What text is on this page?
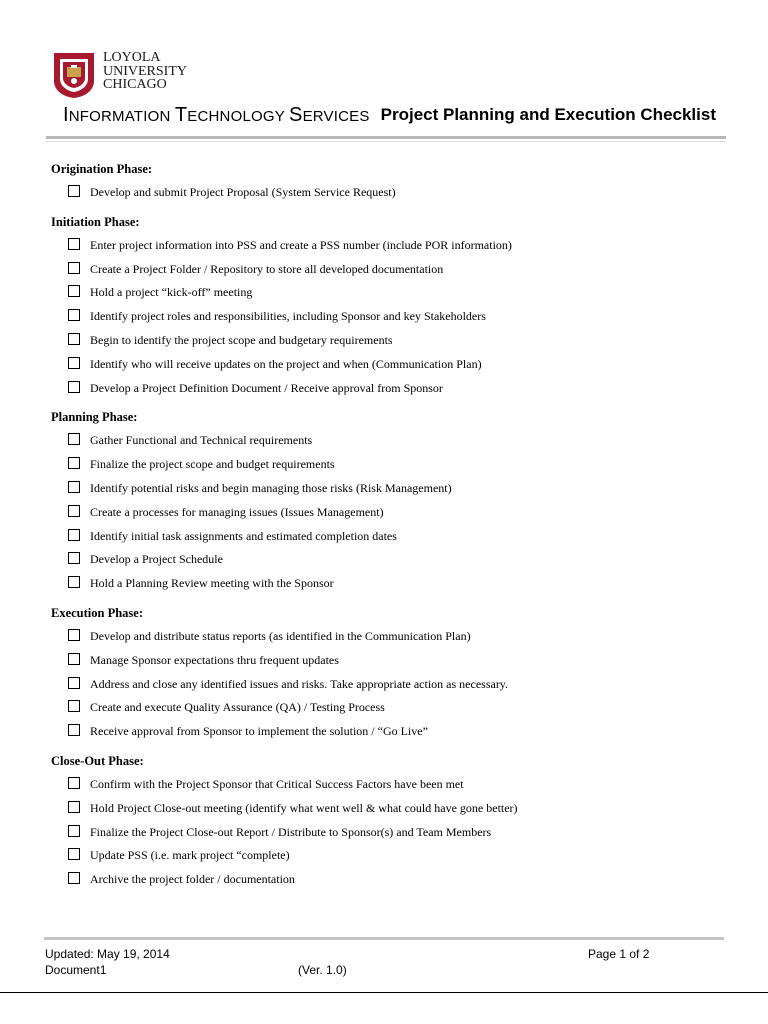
LOYOLA
UNIVERSITY
CHICAGO
INFORMATION TECHNOLOGY SERVICES Project Planning and Execution Checklist
Origination Phase:
Develop and submit Project Proposal (System Service Request)
Initiation Phase:
Enter project information into PSS and create a PSS number (include POR information)
Create a Project Folder / Repository to store all developed documentation
Hold a project “kick-off” meeting
Identify project roles and responsibilities, including Sponsor and key Stakeholders
Begin to identify the project scope and budgetary requirements
Identify who will receive updates on the project and when (Communication Plan)
Develop a Project Definition Document / Receive approval from Sponsor
Planning Phase:
Gather Functional and Technical requirements
Finalize the project scope and budget requirements
Identify potential risks and begin managing those risks (Risk Management)
Create a processes for managing issues (Issues Management)
Identify initial task assignments and estimated completion dates
Develop a Project Schedule
Hold a Planning Review meeting with the Sponsor
Execution Phase:
Develop and distribute status reports (as identified in the Communication Plan)
Manage Sponsor expectations thru frequent updates
Address and close any identified issues and risks. Take appropriate action as necessary.
Create and execute Quality Assurance (QA) / Testing Process
Receive approval from Sponsor to implement the solution / “Go Live”
Close-Out Phase:
Confirm with the Project Sponsor that Critical Success Factors have been met
Hold Project Close-out meeting (identify what went well & what could have gone better)
Finalize the Project Close-out Report / Distribute to Sponsor(s) and Team Members
Update PSS (i.e. mark project “complete)
Archive the project folder / documentation
Updated: May 19, 2014
Document1	(Ver. 1.0)
Page 1 of 2
